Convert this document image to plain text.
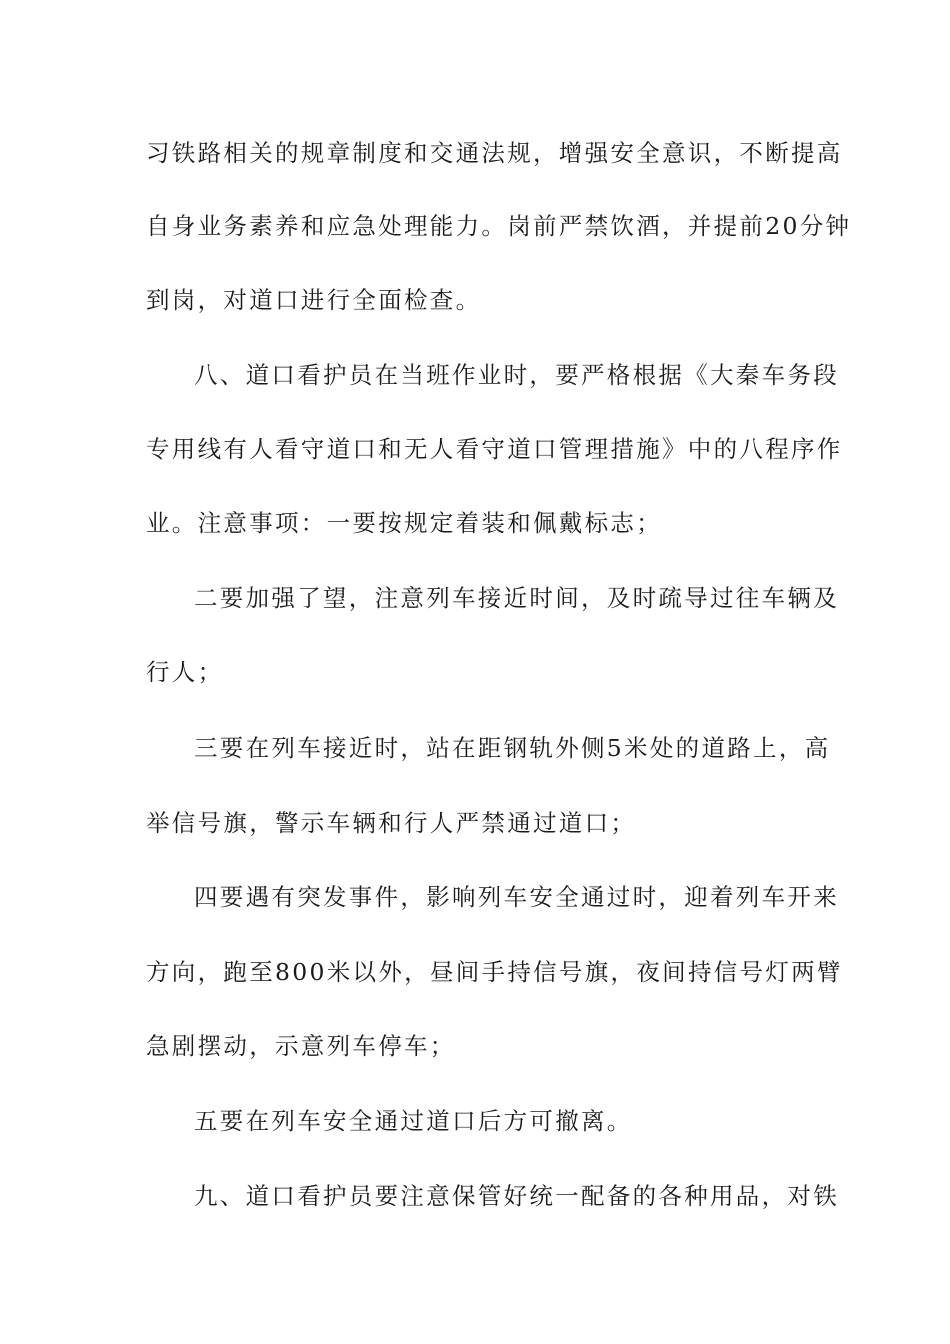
习铁路相关的规章制度和交通法规，增强安全意识，不断提高
自身业务素养和应急处理能力。岗前严禁饮酒，并提前20分钟
到岗，对道口进行全面检查。
八、道口看护员在当班作业时，要严格根据《大秦车务段
专用线有人看守道口和无人看守道口管理措施》中的八程序作
业。注意事项：一要按规定着装和佩戴标志；
二要加强了望，注意列车接近时间，及时疏导过往车辆及
行人；
三要在列车接近时，站在距钢轨外侧5米处的道路上，高
举信号旗，警示车辆和行人严禁通过道口；
四要遇有突发事件，影响列车安全通过时，迎着列车开来
方向，跑至800米以外，昼间手持信号旗，夜间持信号灯两臂
急剧摆动，示意列车停车；
五要在列车安全通过道口后方可撤离。
九、道口看护员要注意保管好统一配备的各种用品，对铁
